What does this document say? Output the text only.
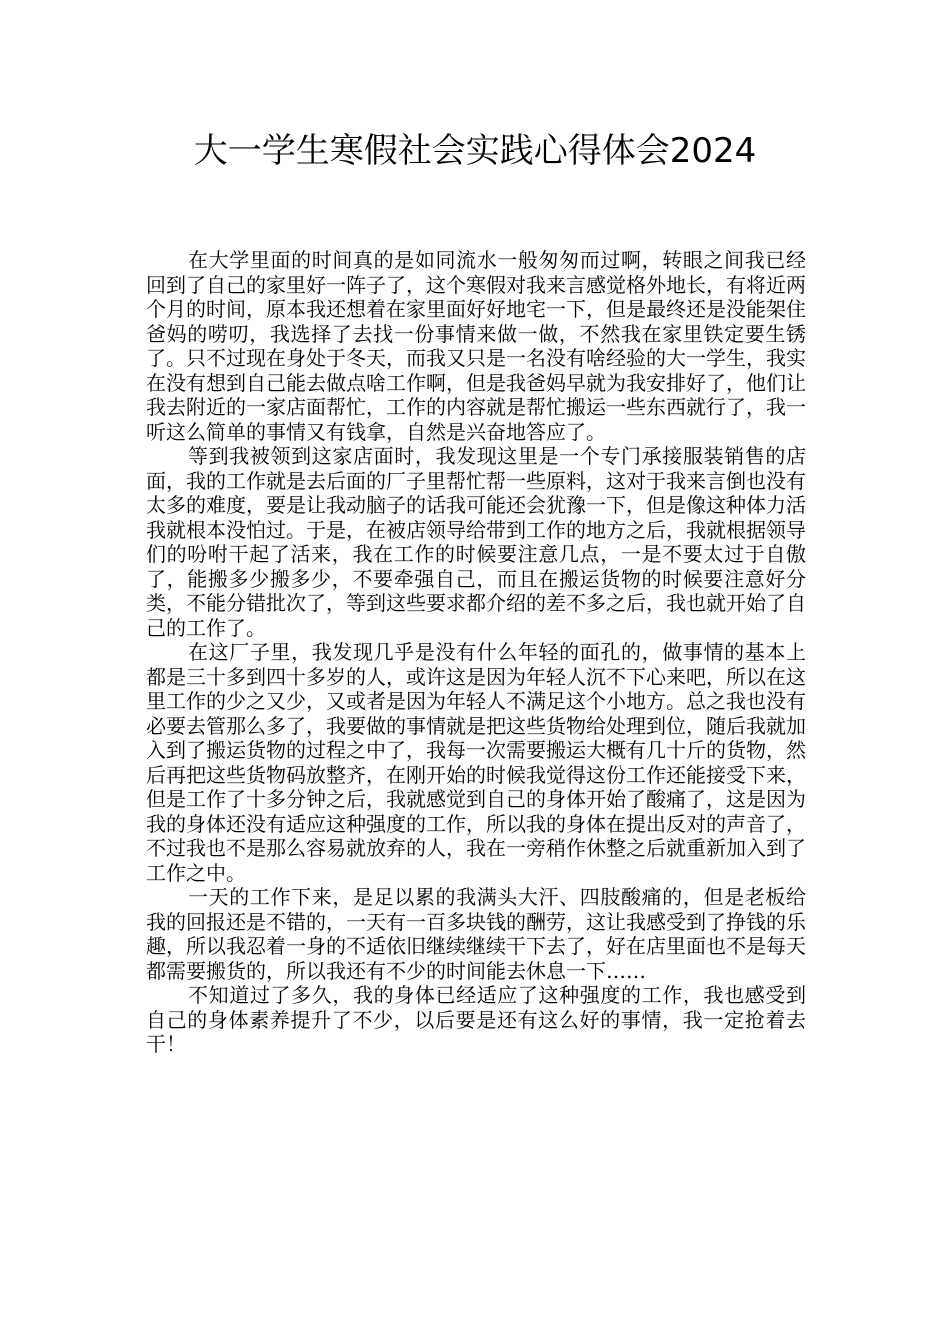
大一学生寒假社会实践心得体会2024

在大学里面的时间真的是如同流水一般匆匆而过啊，转眼之间我已经回到了自己的家里好一阵子了，这个寒假对我来言感觉格外地长，有将近两个月的时间，原本我还想着在家里面好好地宅一下，但是最终还是没能架住爸妈的唠叨，我选择了去找一份事情来做一做，不然我在家里铁定要生锈了。只不过现在身处于冬天，而我又只是一名没有啥经验的大一学生，我实在没有想到自己能去做点啥工作啊，但是我爸妈早就为我安排好了，他们让我去附近的一家店面帮忙，工作的内容就是帮忙搬运一些东西就行了，我一听这么简单的事情又有钱拿，自然是兴奋地答应了。

等到我被领到这家店面时，我发现这里是一个专门承接服装销售的店面，我的工作就是去后面的厂子里帮忙帮一些原料，这对于我来言倒也没有太多的难度，要是让我动脑子的话我可能还会犹豫一下，但是像这种体力活我就根本没怕过。于是，在被店领导给带到工作的地方之后，我就根据领导们的吩咐干起了活来，我在工作的时候要注意几点，一是不要太过于自傲了，能搬多少搬多少，不要牵强自己，而且在搬运货物的时候要注意好分类，不能分错批次了，等到这些要求都介绍的差不多之后，我也就开始了自己的工作了。

在这厂子里，我发现几乎是没有什么年轻的面孔的，做事情的基本上都是三十多到四十多岁的人，或许这是因为年轻人沉不下心来吧，所以在这里工作的少之又少，又或者是因为年轻人不满足这个小地方。总之我也没有必要去管那么多了，我要做的事情就是把这些货物给处理到位，随后我就加入到了搬运货物的过程之中了，我每一次需要搬运大概有几十斤的货物，然后再把这些货物码放整齐，在刚开始的时候我觉得这份工作还能接受下来，但是工作了十多分钟之后，我就感觉到自己的身体开始了酸痛了，这是因为我的身体还没有适应这种强度的工作，所以我的身体在提出反对的声音了，不过我也不是那么容易就放弃的人，我在一旁稍作休整之后就重新加入到了工作之中。

一天的工作下来，是足以累的我满头大汗、四肢酸痛的，但是老板给我的回报还是不错的，一天有一百多块钱的酬劳，这让我感受到了挣钱的乐趣，所以我忍着一身的不适依旧继续继续干下去了，好在店里面也不是每天都需要搬货的，所以我还有不少的时间能去休息一下……

不知道过了多久，我的身体已经适应了这种强度的工作，我也感受到自己的身体素养提升了不少，以后要是还有这么好的事情，我一定抢着去干！
